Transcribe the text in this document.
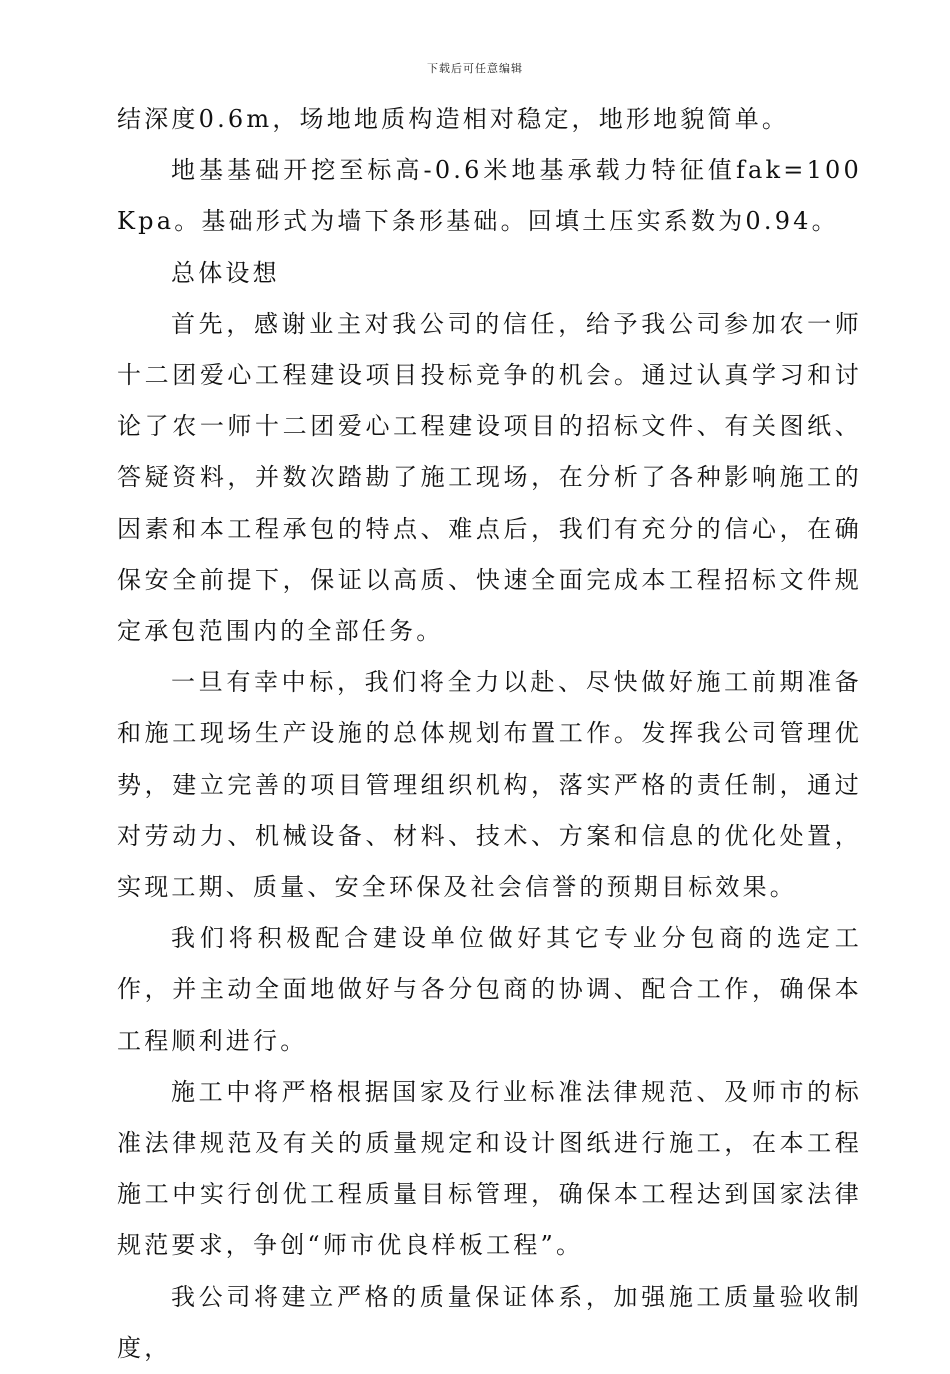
下载后可任意编辑

结深度0.6m，场地地质构造相对稳定，地形地貌简单。

地基基础开挖至标高-0.6米地基承载力特征值fak=100Kpa。基础形式为墙下条形基础。回填土压实系数为0.94。

总体设想

首先，感谢业主对我公司的信任，给予我公司参加农一师十二团爱心工程建设项目投标竞争的机会。通过认真学习和讨论了农一师十二团爱心工程建设项目的招标文件、有关图纸、答疑资料，并数次踏勘了施工现场，在分析了各种影响施工的因素和本工程承包的特点、难点后，我们有充分的信心，在确保安全前提下，保证以高质、快速全面完成本工程招标文件规定承包范围内的全部任务。

一旦有幸中标，我们将全力以赴、尽快做好施工前期准备和施工现场生产设施的总体规划布置工作。发挥我公司管理优势，建立完善的项目管理组织机构，落实严格的责任制，通过对劳动力、机械设备、材料、技术、方案和信息的优化处置，实现工期、质量、安全环保及社会信誉的预期目标效果。

我们将积极配合建设单位做好其它专业分包商的选定工作，并主动全面地做好与各分包商的协调、配合工作，确保本工程顺利进行。

施工中将严格根据国家及行业标准法律规范、及师市的标准法律规范及有关的质量规定和设计图纸进行施工，在本工程施工中实行创优工程质量目标管理，确保本工程达到国家法律规范要求，争创“师市优良样板工程”。

我公司将建立严格的质量保证体系，加强施工质量验收制度，
